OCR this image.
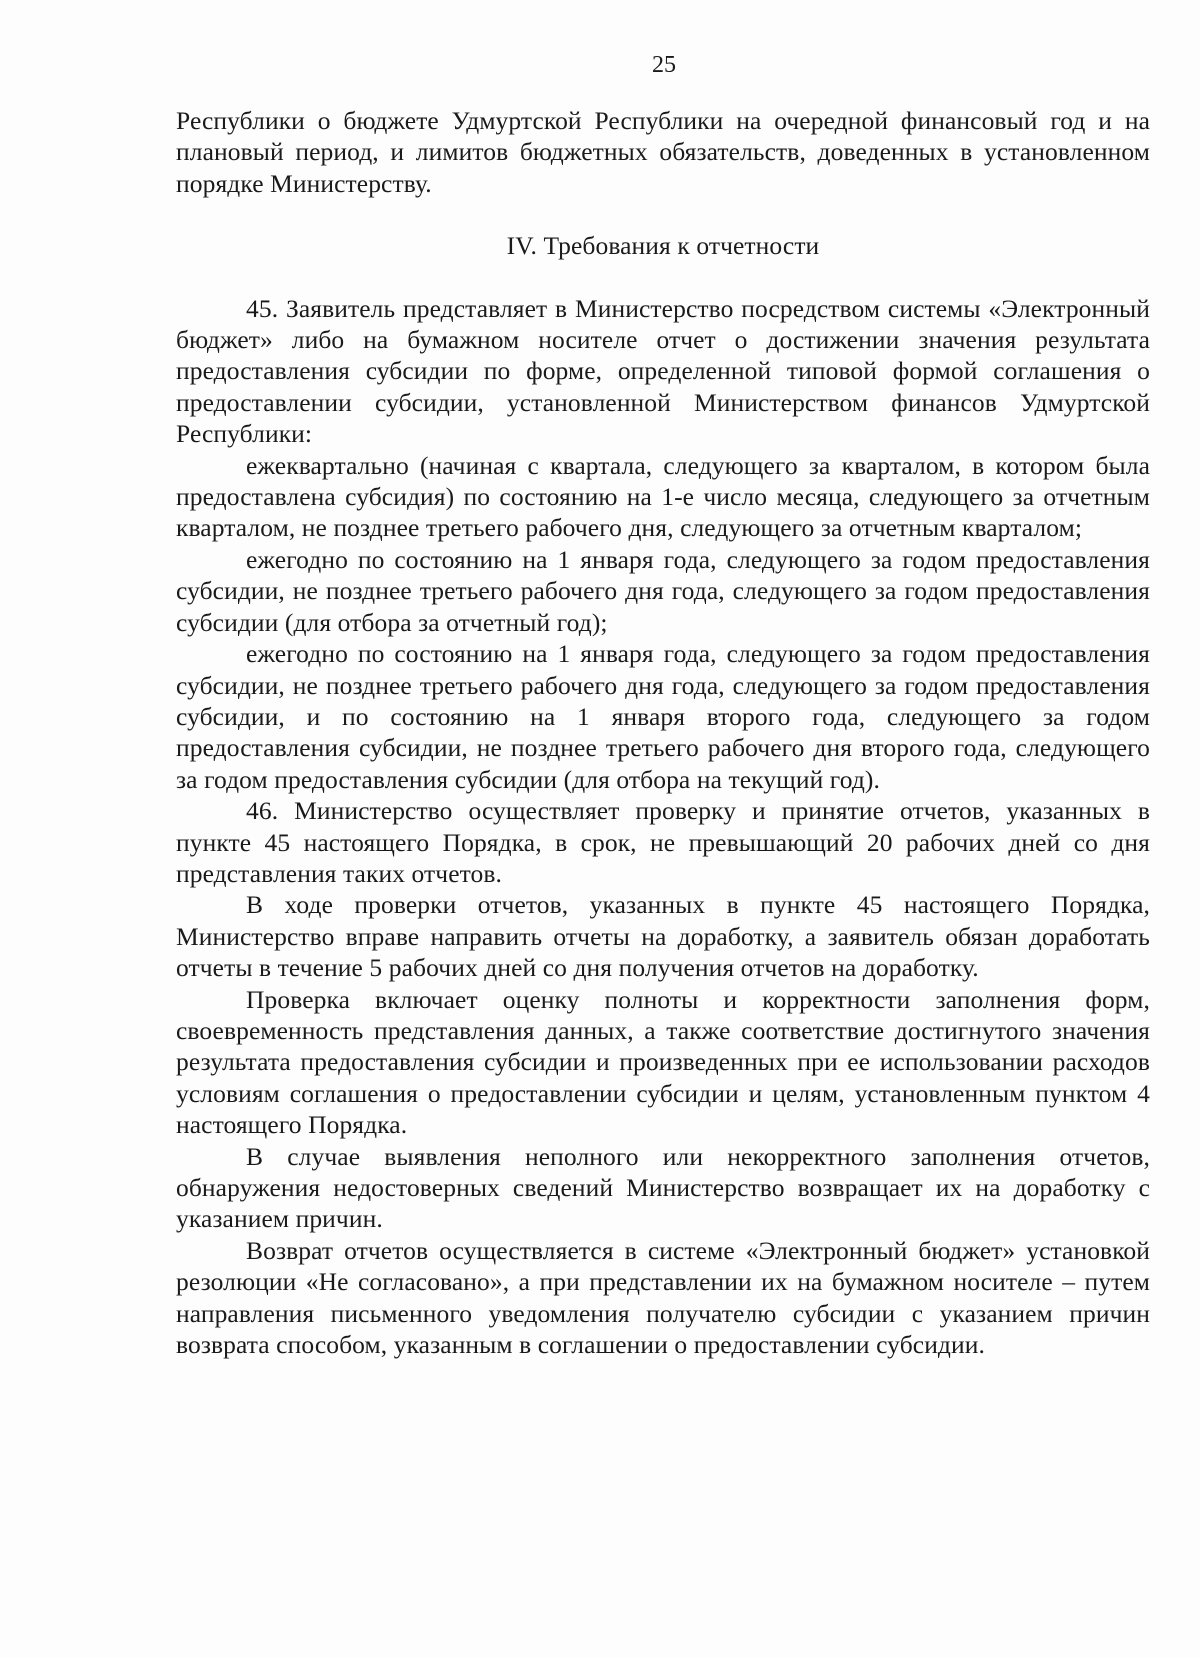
25

Республики о бюджете Удмуртской Республики на очередной финансовый год и на плановый период, и лимитов бюджетных обязательств, доведенных в установленном порядке Министерству.

IV. Требования к отчетности

45. Заявитель представляет в Министерство посредством системы «Электронный бюджет» либо на бумажном носителе отчет о достижении значения результата предоставления субсидии по форме, определенной типовой формой соглашения о предоставлении субсидии, установленной Министерством финансов Удмуртской Республики:

ежеквартально (начиная с квартала, следующего за кварталом, в котором была предоставлена субсидия) по состоянию на 1-е число месяца, следующего за отчетным кварталом, не позднее третьего рабочего дня, следующего за отчетным кварталом;

ежегодно по состоянию на 1 января года, следующего за годом предоставления субсидии, не позднее третьего рабочего дня года, следующего за годом предоставления субсидии (для отбора за отчетный год);

ежегодно по состоянию на 1 января года, следующего за годом предоставления субсидии, не позднее третьего рабочего дня года, следующего за годом предоставления субсидии, и по состоянию на 1 января второго года, следующего за годом предоставления субсидии, не позднее третьего рабочего дня второго года, следующего за годом предоставления субсидии (для отбора на текущий год).

46. Министерство осуществляет проверку и принятие отчетов, указанных в пункте 45 настоящего Порядка, в срок, не превышающий 20 рабочих дней со дня представления таких отчетов.

В ходе проверки отчетов, указанных в пункте 45 настоящего Порядка, Министерство вправе направить отчеты на доработку, а заявитель обязан доработать отчеты в течение 5 рабочих дней со дня получения отчетов на доработку.

Проверка включает оценку полноты и корректности заполнения форм, своевременность представления данных, а также соответствие достигнутого значения результата предоставления субсидии и произведенных при ее использовании расходов условиям соглашения о предоставлении субсидии и целям, установленным пунктом 4 настоящего Порядка.

В случае выявления неполного или некорректного заполнения отчетов, обнаружения недостоверных сведений Министерство возвращает их на доработку с указанием причин.

Возврат отчетов осуществляется в системе «Электронный бюджет» установкой резолюции «Не согласовано», а при представлении их на бумажном носителе – путем направления письменного уведомления получателю субсидии с указанием причин возврата способом, указанным в соглашении о предоставлении субсидии.
